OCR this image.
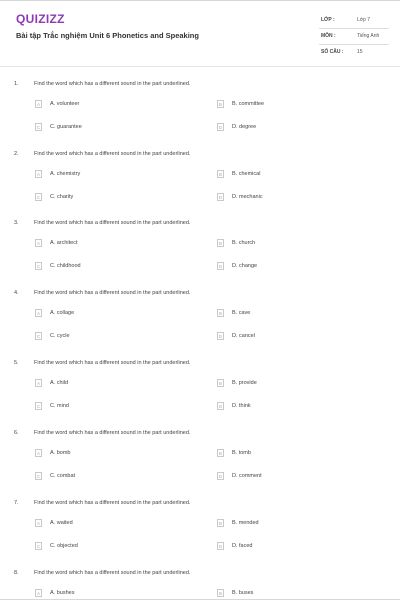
QUIZIZZ
Bài tập Trắc nghiệm Unit 6 Phonetics and Speaking
LỚP :	Lớp 7
MÔN :	Tiếng Anh
SỐ CÂU :	15
1.	Find the word which has a different sound in the part underlined.
A	A. volunteer	B	B. committee
C	C. guarantee	D	D. degree
2.	Find the word which has a different sound in the part underlined.
A	A. chemistry	B	B. chemical
C	C. charity	D	D. mechanic
3.	Find the word which has a different sound in the part underlined.
A	A. architect	B	B. church
C	C. childhood	D	D. change
4.	Find the word which has a different sound in the part underlined.
A	A. collage	B	B. cave
C	C. cycle	D	D. cancel
5.	Find the word which has a different sound in the part underlined.
A	A. child	B	B. provide
C	C. mind	D	D. think
6.	Find the word which has a different sound in the part underlined.
A	A. bomb	B	B. tomb
C	C. combat	D	D. comment
7.	Find the word which has a different sound in the part underlined.
A	A. waited	B	B. mended
C	C. objected	D	D. faced
8.	Find the word which has a different sound in the part underlined.
A	A. bushes	B	B. buses
